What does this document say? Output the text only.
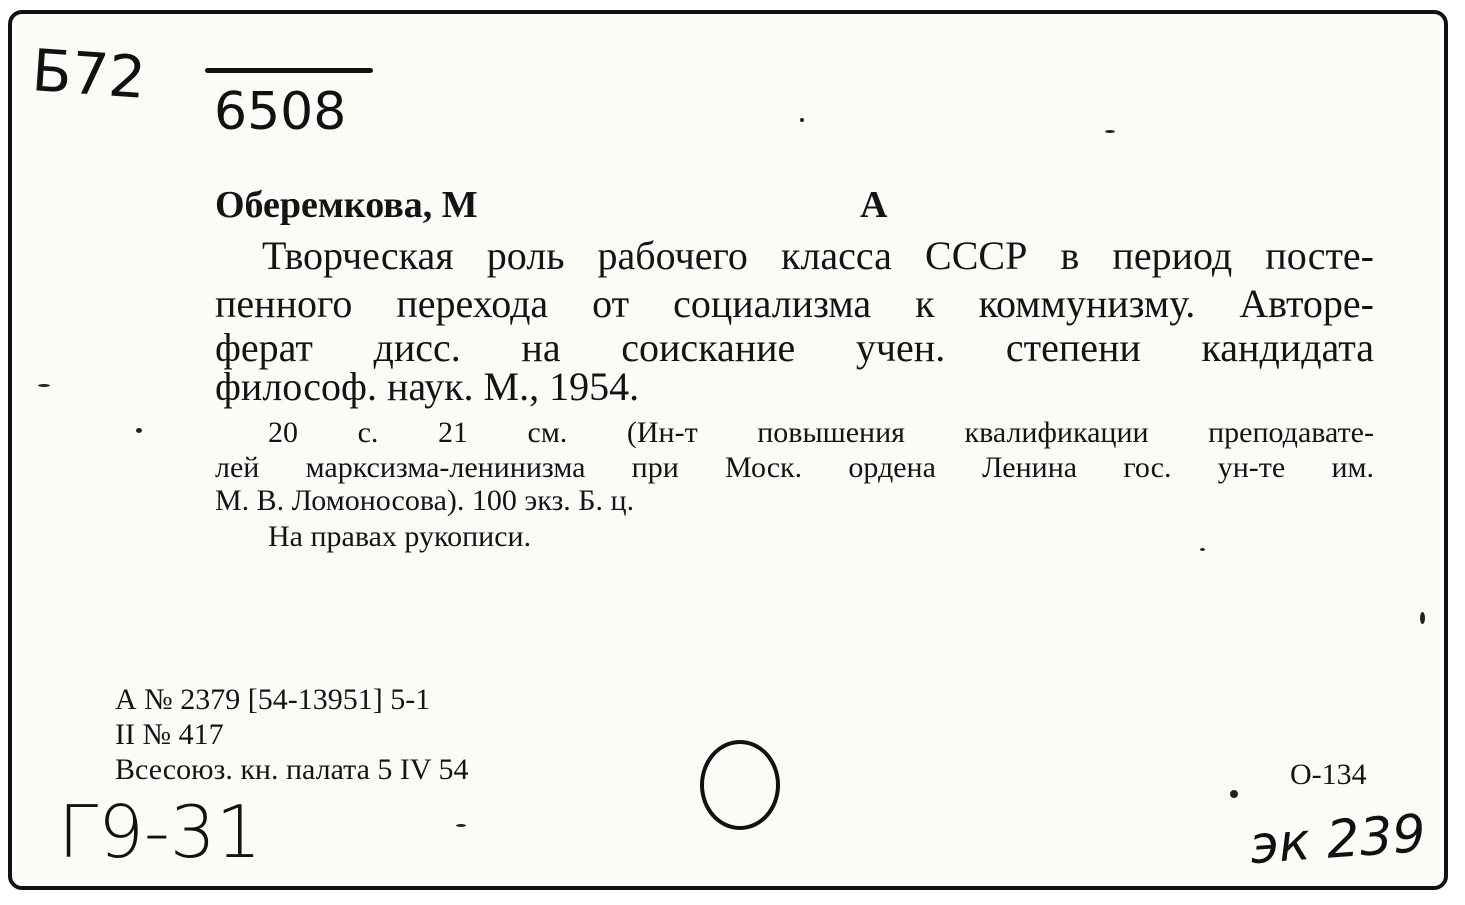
Б72
6508
Оберемкова, М	А
Творческая роль рабочего класса СССР в период посте-
пенного перехода от социализма к коммунизму. Авторе-
ферат дисс. на соискание учен. степени кандидата
философ. наук. М., 1954.
20 с. 21 см. (Ин-т повышения квалификации преподавате-
лей марксизма-ленинизма при Моск. ордена Ленина гос. ун-те им.
М. В. Ломоносова). 100 экз. Б. ц.
На правах рукописи.
А № 2379 [54-13951] 5-1
II № 417
Всесоюз. кн. палата 5 IV 54	О-134
Г9-31	эк 239
